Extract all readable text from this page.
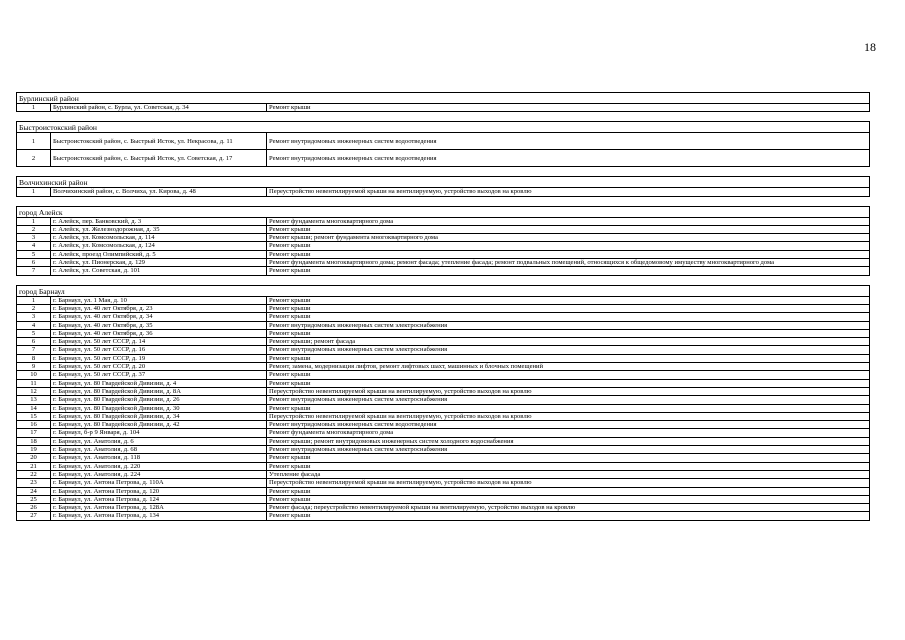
18
Бурлинский район		
1	Бурлинский район, с. Бурла, ул. Советская, д. 34	Ремонт крыши

Быстроистокский район		
1	Быстроистокский район, с. Быстрый Исток, ул. Некрасова, д. 11	Ремонт внутридомовых инженерных систем водоотведения
2	Быстроистокский район, с. Быстрый Исток, ул. Советская, д. 17	Ремонт внутридомовых инженерных систем водоотведения

Волчихинский район		
1	Волчихинский район, с. Волчиха, ул. Кирова, д. 48	Переустройство невентилируемой крыши на вентилируемую, устройство выходов на кровлю

город Алейск		
1	г. Алейск, пер. Банковский, д. 3	Ремонт фундамента многоквартирного дома
2	г. Алейск, ул. Железнодорожная, д. 35	Ремонт крыши
3	г. Алейск, ул. Комсомольская, д. 114	Ремонт крыши; ремонт фундамента многоквартирного дома
4	г. Алейск, ул. Комсомольская, д. 124	Ремонт крыши
5	г. Алейск, проезд Олимпийский, д. 5	Ремонт крыши
6	г. Алейск, ул. Пионерская, д. 129	Ремонт фундамента многоквартирного дома; ремонт фасада; утепление фасада; ремонт подвальных помещений, относящихся к общедомовому имуществу многоквартирного дома
7	г. Алейск, ул. Советская, д. 101	Ремонт крыши

город Барнаул		
1	г. Барнаул, ул. 1 Мая, д. 10	Ремонт крыши
2	г. Барнаул, ул. 40 лет Октября, д. 23	Ремонт крыши
3	г. Барнаул, ул. 40 лет Октября, д. 34	Ремонт крыши
4	г. Барнаул, ул. 40 лет Октября, д. 35	Ремонт внутридомовых инженерных систем электроснабжения
5	г. Барнаул, ул. 40 лет Октября, д. 36	Ремонт крыши
6	г. Барнаул, ул. 50 лет СССР, д. 14	Ремонт крыши; ремонт фасада
7	г. Барнаул, ул. 50 лет СССР, д. 16	Ремонт внутридомовых инженерных систем электроснабжения
8	г. Барнаул, ул. 50 лет СССР, д. 19	Ремонт крыши
9	г. Барнаул, ул. 50 лет СССР, д. 20	Ремонт, замена, модернизация лифтов, ремонт лифтовых шахт, машинных и блочных помещений
10	г. Барнаул, ул. 50 лет СССР, д. 37	Ремонт крыши
11	г. Барнаул, ул. 80 Гвардейской Дивизии, д. 4	Ремонт крыши
12	г. Барнаул, ул. 80 Гвардейской Дивизии, д. 8А	Переустройство невентилируемой крыши на вентилируемую, устройство выходов на кровлю
13	г. Барнаул, ул. 80 Гвардейской Дивизии, д. 26	Ремонт внутридомовых инженерных систем электроснабжения
14	г. Барнаул, ул. 80 Гвардейской Дивизии, д. 30	Ремонт крыши
15	г. Барнаул, ул. 80 Гвардейской Дивизии, д. 34	Переустройство невентилируемой крыши на вентилируемую, устройство выходов на кровлю
16	г. Барнаул, ул. 80 Гвардейской Дивизии, д. 42	Ремонт внутридомовых инженерных систем водоотведения
17	г. Барнаул, б-р 9 Января, д. 104	Ремонт фундамента многоквартирного дома
18	г. Барнаул, ул. Анатолия, д. 6	Ремонт крыши; ремонт внутридомовых инженерных систем холодного водоснабжения
19	г. Барнаул, ул. Анатолия, д. 68	Ремонт внутридомовых инженерных систем электроснабжения
20	г. Барнаул, ул. Анатолия, д. 118	Ремонт крыши
21	г. Барнаул, ул. Анатолия, д. 220	Ремонт крыши
22	г. Барнаул, ул. Анатолия, д. 224	Утепление фасада
23	г. Барнаул, ул. Антона Петрова, д. 110А	Переустройство невентилируемой крыши на вентилируемую, устройство выходов на кровлю
24	г. Барнаул, ул. Антона Петрова, д. 120	Ремонт крыши
25	г. Барнаул, ул. Антона Петрова, д. 124	Ремонт крыши
26	г. Барнаул, ул. Антона Петрова, д. 128А	Ремонт фасада; переустройство невентилируемой крыши на вентилируемую, устройство выходов на кровлю
27	г. Барнаул, ул. Антона Петрова, д. 134	Ремонт крыши
